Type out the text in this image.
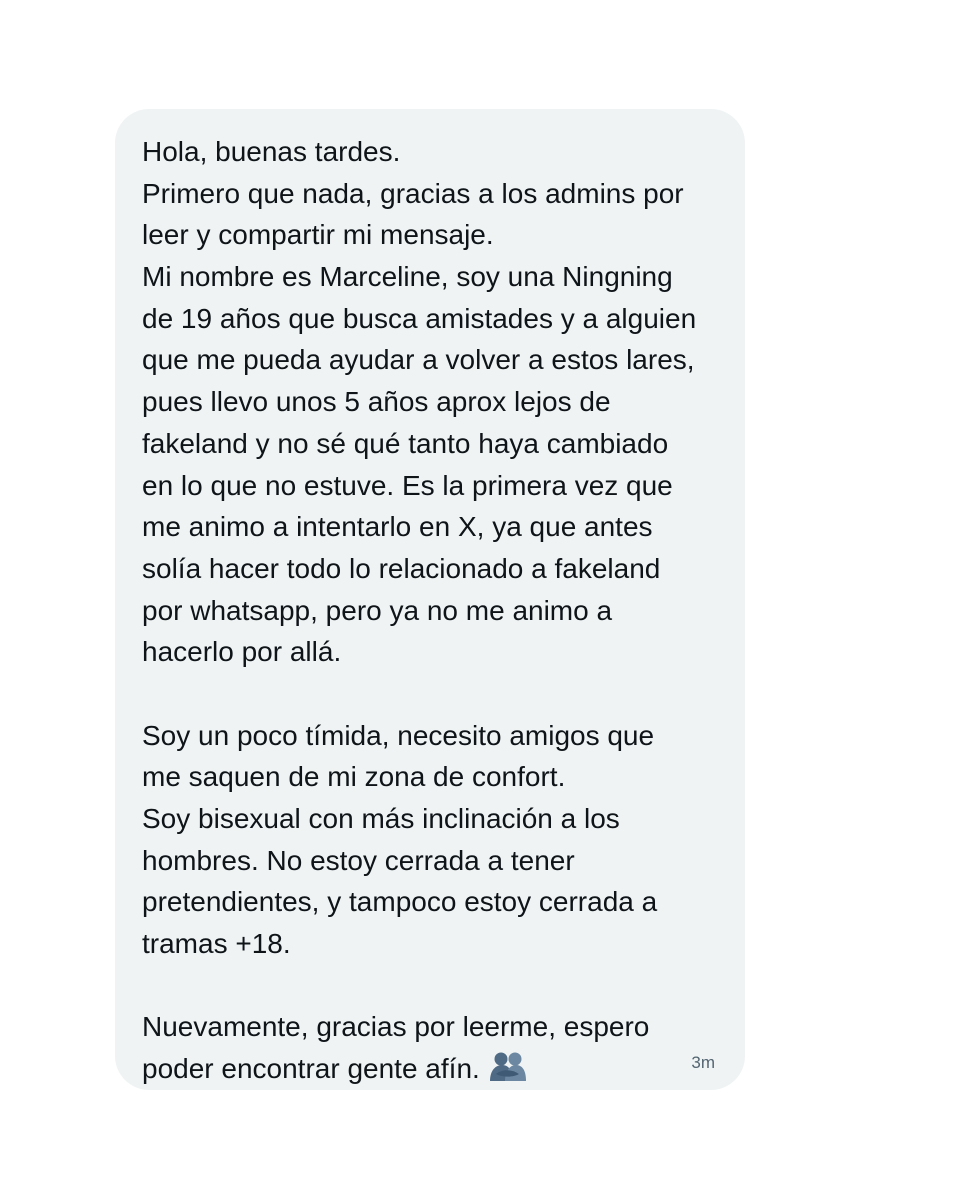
Hola, buenas tardes.
Primero que nada, gracias a los admins por
leer y compartir mi mensaje.
Mi nombre es Marceline, soy una Ningning
de 19 años que busca amistades y a alguien
que me pueda ayudar a volver a estos lares,
pues llevo unos 5 años aprox lejos de
fakeland y no sé qué tanto haya cambiado
en lo que no estuve. Es la primera vez que
me animo a intentarlo en X, ya que antes
solía hacer todo lo relacionado a fakeland
por whatsapp, pero ya no me animo a
hacerlo por allá.
Soy un poco tímida, necesito amigos que
me saquen de mi zona de confort.
Soy bisexual con más inclinación a los
hombres. No estoy cerrada a tener
pretendientes, y tampoco estoy cerrada a
tramas +18.
Nuevamente, gracias por leerme, espero
poder encontrar gente afín.	3m
